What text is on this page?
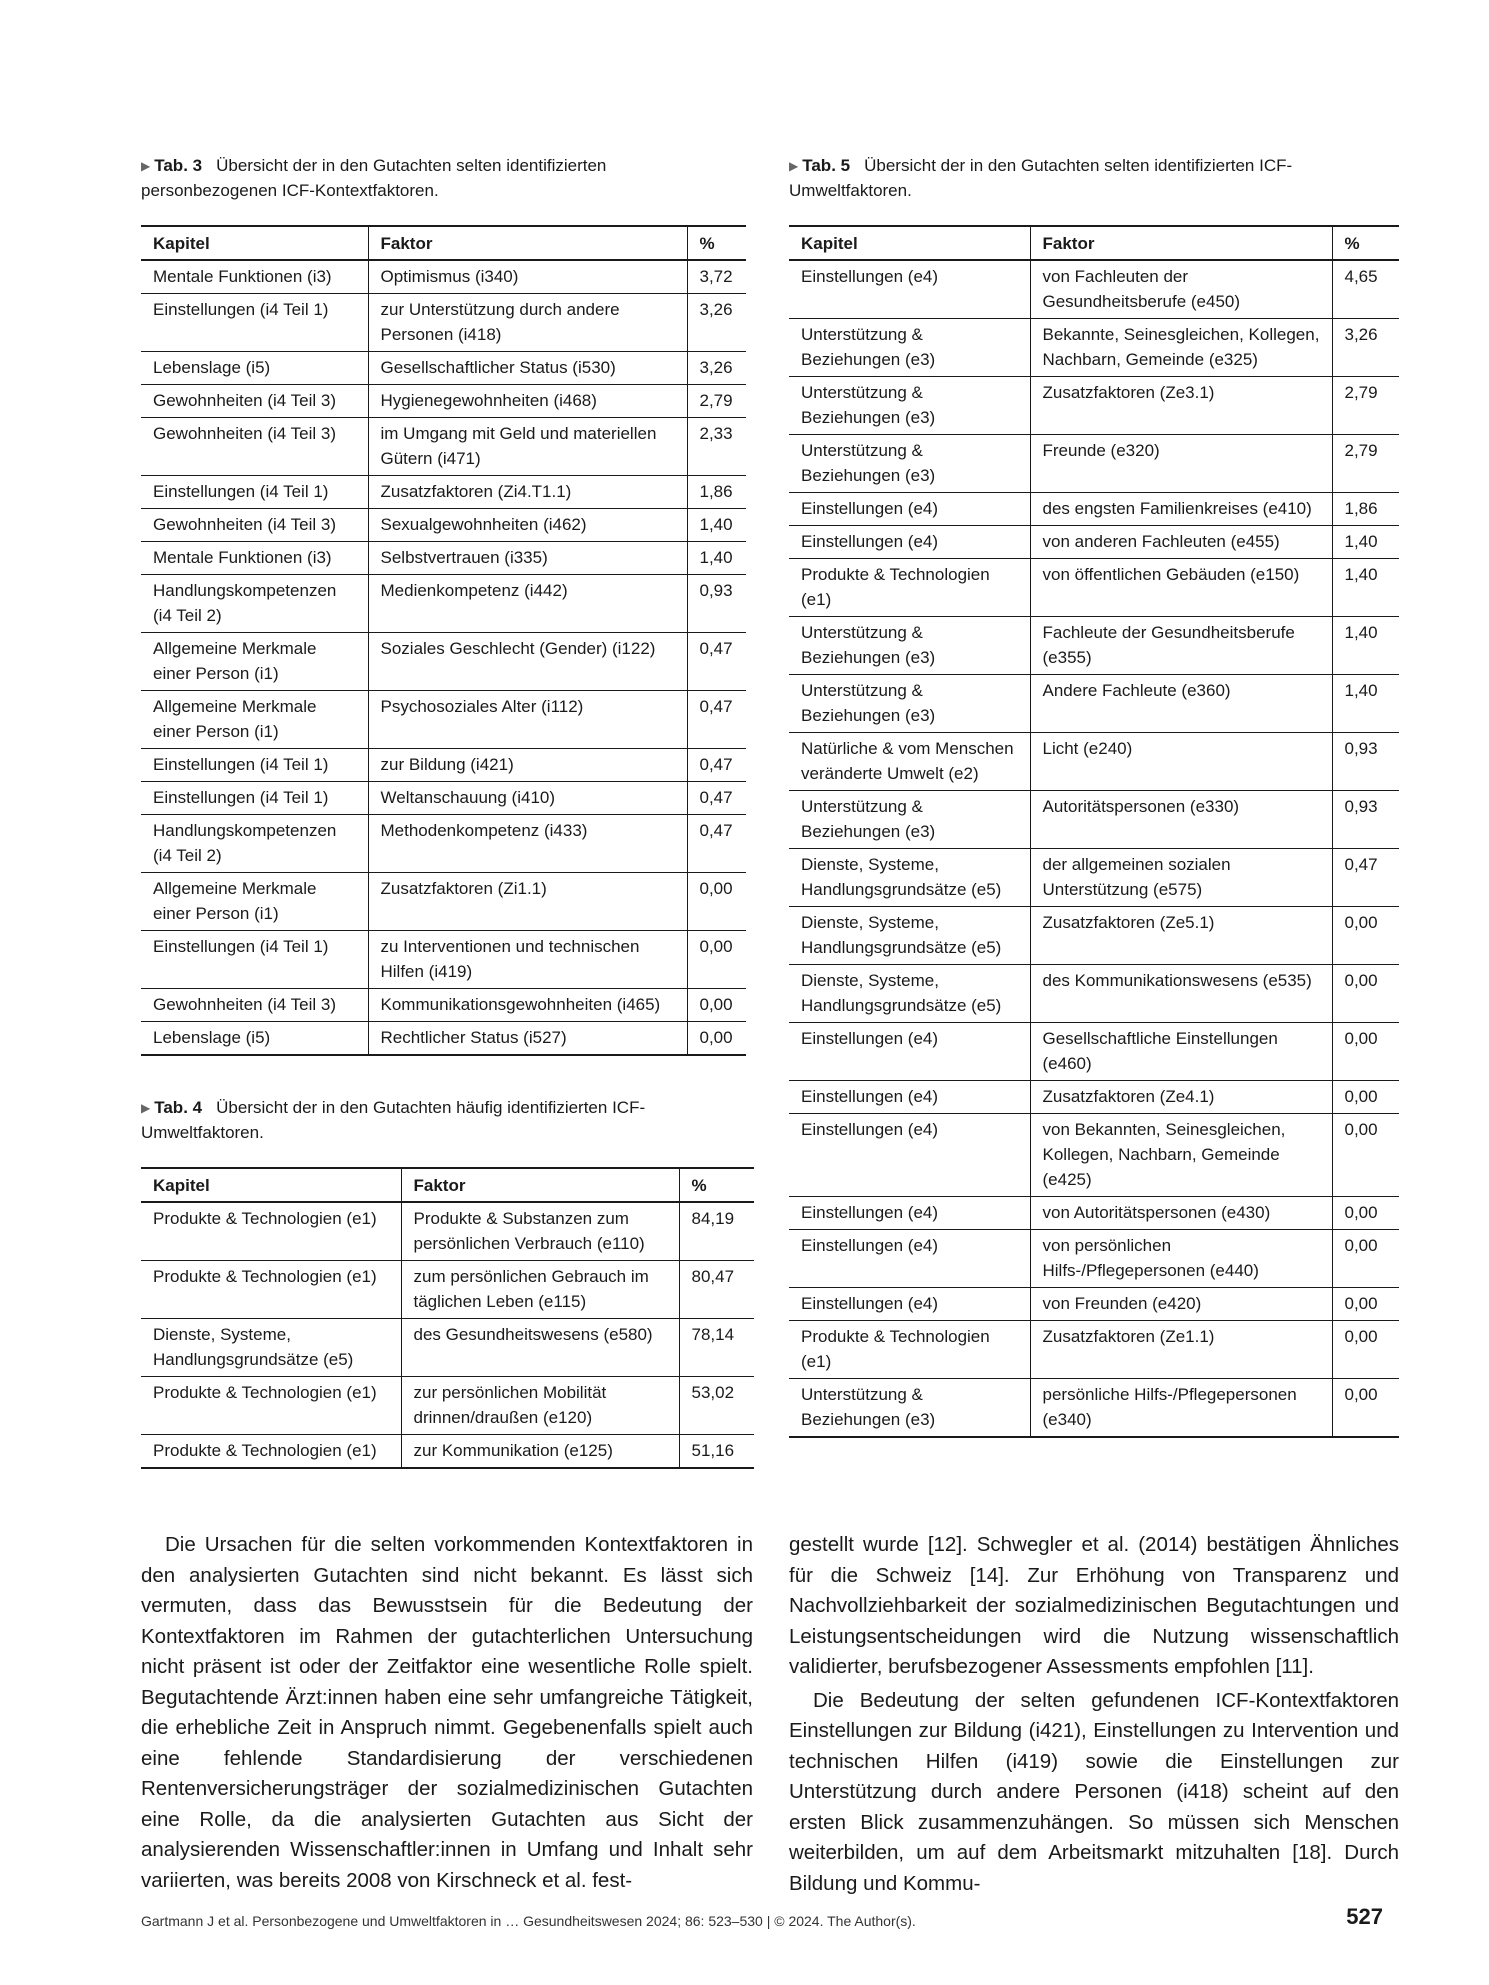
▶ Tab. 3 Übersicht der in den Gutachten selten identifizierten personbezogenen ICF-Kontextfaktoren.

Kapitel	Faktor	%
Mentale Funktionen (i3)	Optimismus (i340)	3,72
Einstellungen (i4 Teil 1)	zur Unterstützung durch andere Personen (i418)	3,26
Lebenslage (i5)	Gesellschaftlicher Status (i530)	3,26
Gewohnheiten (i4 Teil 3)	Hygienegewohnheiten (i468)	2,79
Gewohnheiten (i4 Teil 3)	im Umgang mit Geld und materiellen Gütern (i471)	2,33
Einstellungen (i4 Teil 1)	Zusatzfaktoren (Zi4.T1.1)	1,86
Gewohnheiten (i4 Teil 3)	Sexualgewohnheiten (i462)	1,40
Mentale Funktionen (i3)	Selbstvertrauen (i335)	1,40
Handlungskompetenzen (i4 Teil 2)	Medienkompetenz (i442)	0,93
Allgemeine Merkmale einer Person (i1)	Soziales Geschlecht (Gender) (i122)	0,47
Allgemeine Merkmale einer Person (i1)	Psychosoziales Alter (i112)	0,47
Einstellungen (i4 Teil 1)	zur Bildung (i421)	0,47
Einstellungen (i4 Teil 1)	Weltanschauung (i410)	0,47
Handlungskompetenzen (i4 Teil 2)	Methodenkompetenz (i433)	0,47
Allgemeine Merkmale einer Person (i1)	Zusatzfaktoren (Zi1.1)	0,00
Einstellungen (i4 Teil 1)	zu Interventionen und technischen Hilfen (i419)	0,00
Gewohnheiten (i4 Teil 3)	Kommunikationsgewohnheiten (i465)	0,00
Lebenslage (i5)	Rechtlicher Status (i527)	0,00

▶ Tab. 4 Übersicht der in den Gutachten häufig identifizierten ICF- Umweltfaktoren.

Kapitel	Faktor	%
Produkte & Technologien (e1)	Produkte & Substanzen zum persönlichen Verbrauch (e110)	84,19
Produkte & Technologien (e1)	zum persönlichen Gebrauch im täglichen Leben (e115)	80,47
Dienste, Systeme, Handlungsgrundsätze (e5)	des Gesundheitswesens (e580)	78,14
Produkte & Technologien (e1)	zur persönlichen Mobilität drinnen/draußen (e120)	53,02
Produkte & Technologien (e1)	zur Kommunikation (e125)	51,16

▶ Tab. 5 Übersicht der in den Gutachten selten identifizierten ICF-Umweltfaktoren.

Kapitel	Faktor	%
Einstellungen (e4)	von Fachleuten der Gesundheitsberufe (e450)	4,65
Unterstützung & Beziehungen (e3)	Bekannte, Seinesgleichen, Kollegen, Nachbarn, Gemeinde (e325)	3,26
Unterstützung & Beziehungen (e3)	Zusatzfaktoren (Ze3.1)	2,79
Unterstützung & Beziehungen (e3)	Freunde (e320)	2,79
Einstellungen (e4)	des engsten Familienkreises (e410)	1,86
Einstellungen (e4)	von anderen Fachleuten (e455)	1,40
Produkte & Technologien (e1)	von öffentlichen Gebäuden (e150)	1,40
Unterstützung & Beziehungen (e3)	Fachleute der Gesundheitsberufe (e355)	1,40
Unterstützung & Beziehungen (e3)	Andere Fachleute (e360)	1,40
Natürliche & vom Menschen veränderte Umwelt (e2)	Licht (e240)	0,93
Unterstützung & Beziehungen (e3)	Autoritätspersonen (e330)	0,93
Dienste, Systeme, Handlungsgrundsätze (e5)	der allgemeinen sozialen Unterstützung (e575)	0,47
Dienste, Systeme, Handlungsgrundsätze (e5)	Zusatzfaktoren (Ze5.1)	0,00
Dienste, Systeme, Handlungsgrundsätze (e5)	des Kommunikationswesens (e535)	0,00
Einstellungen (e4)	Gesellschaftliche Einstellungen (e460)	0,00
Einstellungen (e4)	Zusatzfaktoren (Ze4.1)	0,00
Einstellungen (e4)	von Bekannten, Seinesgleichen, Kollegen, Nachbarn, Gemeinde (e425)	0,00
Einstellungen (e4)	von Autoritätspersonen (e430)	0,00
Einstellungen (e4)	von persönlichen Hilfs-/Pflegepersonen (e440)	0,00
Einstellungen (e4)	von Freunden (e420)	0,00
Produkte & Technologien (e1)	Zusatzfaktoren (Ze1.1)	0,00
Unterstützung & Beziehungen (e3)	persönliche Hilfs-/Pflegepersonen (e340)	0,00

Die Ursachen für die selten vorkommenden Kontextfaktoren in den analysierten Gutachten sind nicht bekannt. Es lässt sich vermuten, dass das Bewusstsein für die Bedeutung der Kontextfaktoren im Rahmen der gutachterlichen Untersuchung nicht präsent ist oder der Zeitfaktor eine wesentliche Rolle spielt. Begutachtende Ärzt:innen haben eine sehr umfangreiche Tätigkeit, die erhebliche Zeit in Anspruch nimmt. Gegebenenfalls spielt auch eine fehlende Standardisierung der verschiedenen Rentenversicherungsträger der sozialmedizinischen Gutachten eine Rolle, da die analysierten Gutachten aus Sicht der analysierenden Wissenschaftler:innen in Umfang und Inhalt sehr variierten, was bereits 2008 von Kirschneck et al. fest-

gestellt wurde [12]. Schwegler et al. (2014) bestätigen Ähnliches für die Schweiz [14]. Zur Erhöhung von Transparenz und Nachvollziehbarkeit der sozialmedizinischen Begutachtungen und Leistungsentscheidungen wird die Nutzung wissenschaftlich validierter, berufsbezogener Assessments empfohlen [11].

Die Bedeutung der selten gefundenen ICF-Kontextfaktoren Einstellungen zur Bildung (i421), Einstellungen zu Intervention und technischen Hilfen (i419) sowie die Einstellungen zur Unterstützung durch andere Personen (i418) scheint auf den ersten Blick zusammenzuhängen. So müssen sich Menschen weiterbilden, um auf dem Arbeitsmarkt mitzuhalten [18]. Durch Bildung und Kommu-

Gartmann J et al. Personbezogene und Umweltfaktoren in … Gesundheitswesen 2024; 86: 523–530 | © 2024. The Author(s).	527
